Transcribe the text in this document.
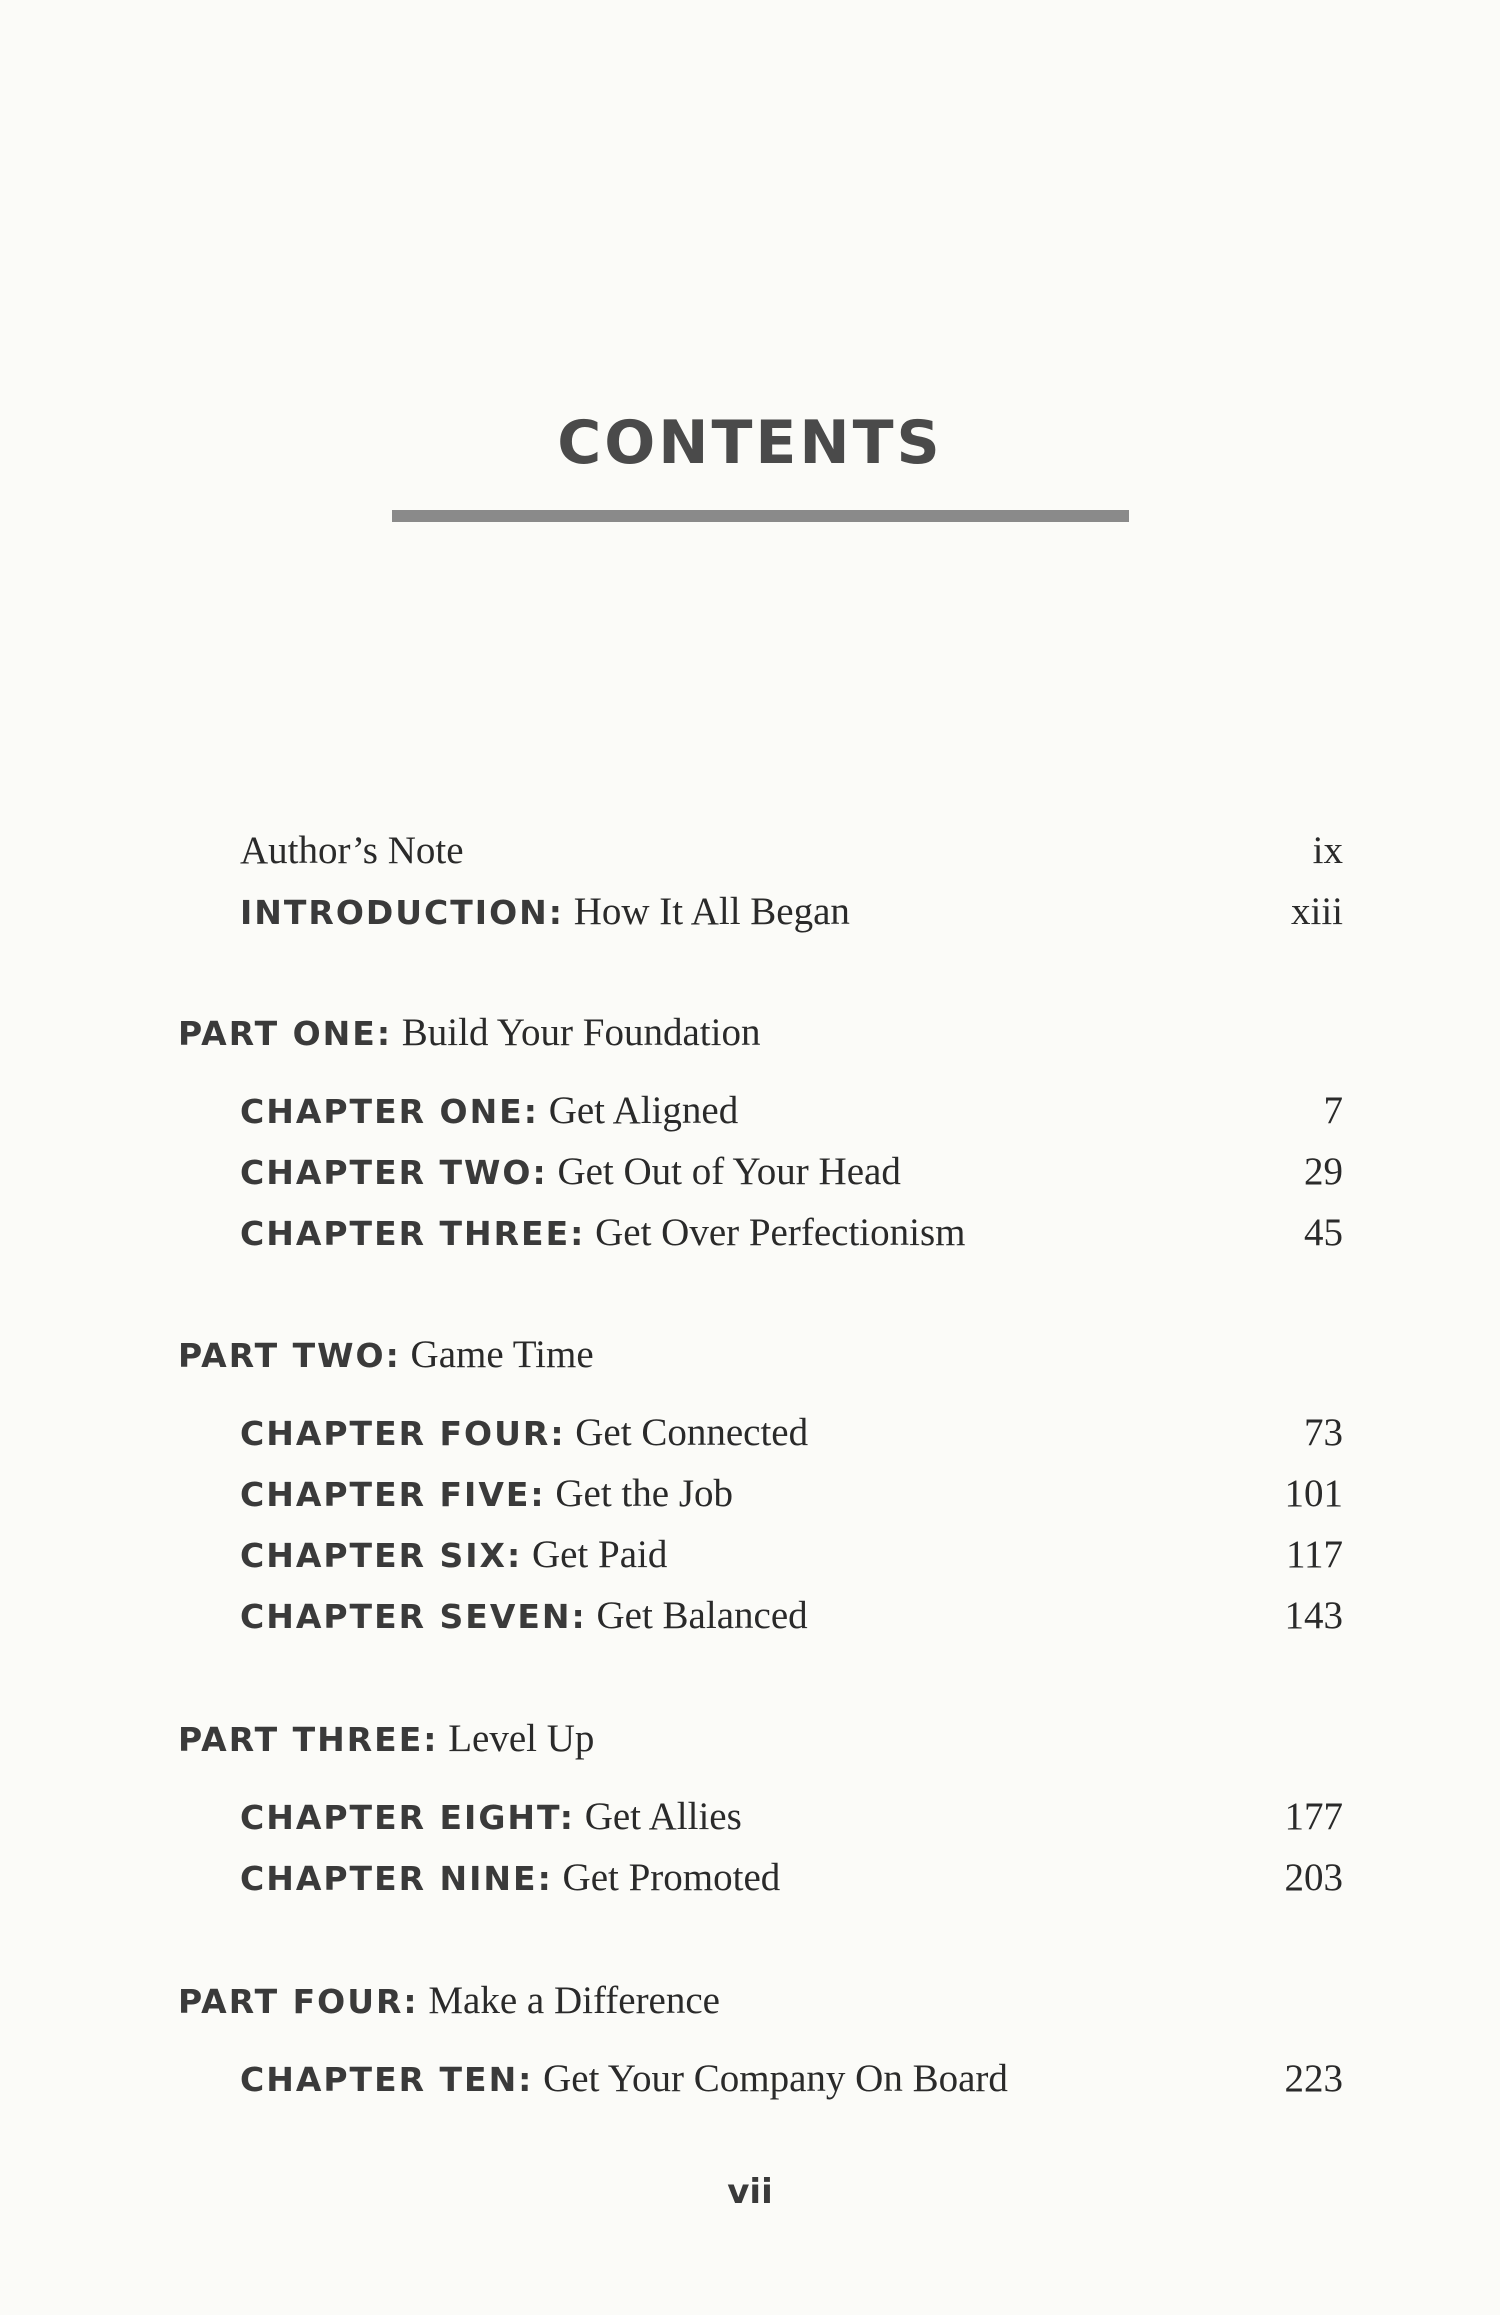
CONTENTS
Author’s Note	ix
INTRODUCTION: How It All Began	xiii
PART ONE: Build Your Foundation
CHAPTER ONE: Get Aligned	7
CHAPTER TWO: Get Out of Your Head	29
CHAPTER THREE: Get Over Perfectionism	45
PART TWO: Game Time
CHAPTER FOUR: Get Connected	73
CHAPTER FIVE: Get the Job	101
CHAPTER SIX: Get Paid	117
CHAPTER SEVEN: Get Balanced	143
PART THREE: Level Up
CHAPTER EIGHT: Get Allies	177
CHAPTER NINE: Get Promoted	203
PART FOUR: Make a Difference
CHAPTER TEN: Get Your Company On Board	223
vii
